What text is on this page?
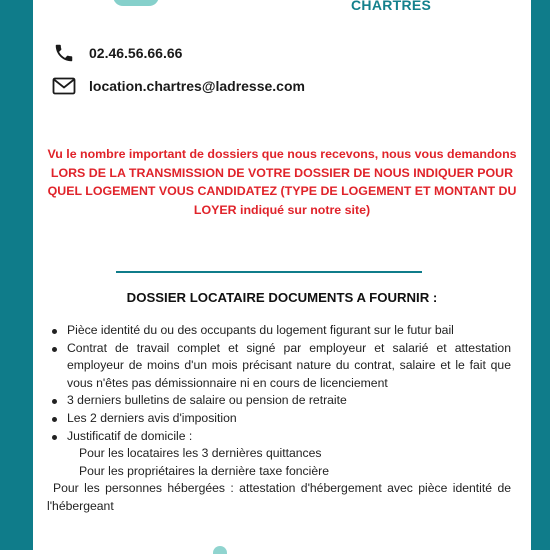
CHARTRES
02.46.56.66.66
location.chartres@ladresse.com
Vu le nombre important de dossiers que nous recevons, nous vous demandons LORS DE LA TRANSMISSION DE VOTRE DOSSIER DE NOUS INDIQUER POUR QUEL LOGEMENT VOUS CANDIDATEZ (TYPE DE LOGEMENT ET MONTANT DU LOYER indiqué sur notre site)
DOSSIER LOCATAIRE DOCUMENTS A FOURNIR :
Pièce identité du ou des occupants du logement figurant sur le futur bail
Contrat de travail complet et signé par employeur et salarié et attestation employeur de moins d'un mois précisant nature du contrat, salaire et le fait que vous n'êtes pas démissionnaire ni en cours de licenciement
3 derniers bulletins de salaire ou pension de retraite
Les 2 derniers avis d'imposition
Justificatif de domicile :
Pour les locataires les 3 dernières quittances
Pour les propriétaires la dernière taxe foncière
Pour les personnes hébergées : attestation d'hébergement avec pièce identité de l'hébergeant
